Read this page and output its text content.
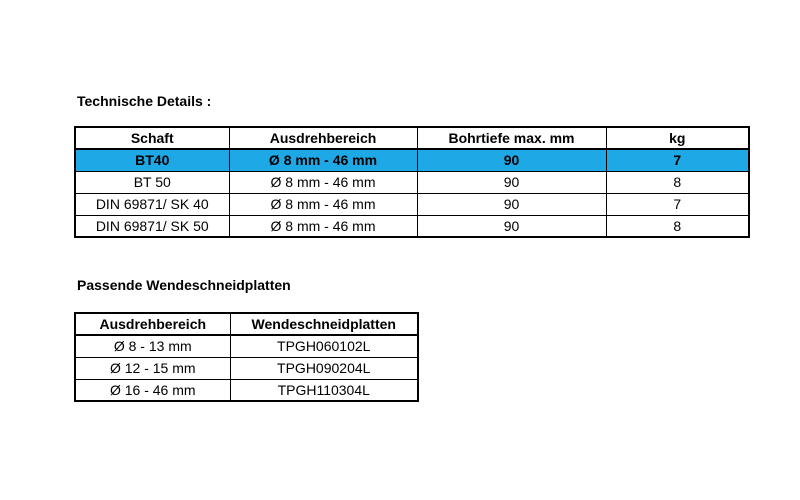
Technische Details :
Schaft	Ausdrehbereich	Bohrtiefe max. mm	kg
BT40	Ø 8 mm - 46 mm	90	7
BT 50	Ø 8 mm - 46 mm	90	8
DIN 69871/ SK 40	Ø 8 mm - 46 mm	90	7
DIN 69871/ SK 50	Ø 8 mm - 46 mm	90	8
Passende Wendeschneidplatten
Ausdrehbereich	Wendeschneidplatten
Ø 8 - 13 mm	TPGH060102L
Ø 12 - 15 mm	TPGH090204L
Ø 16 - 46 mm	TPGH110304L
